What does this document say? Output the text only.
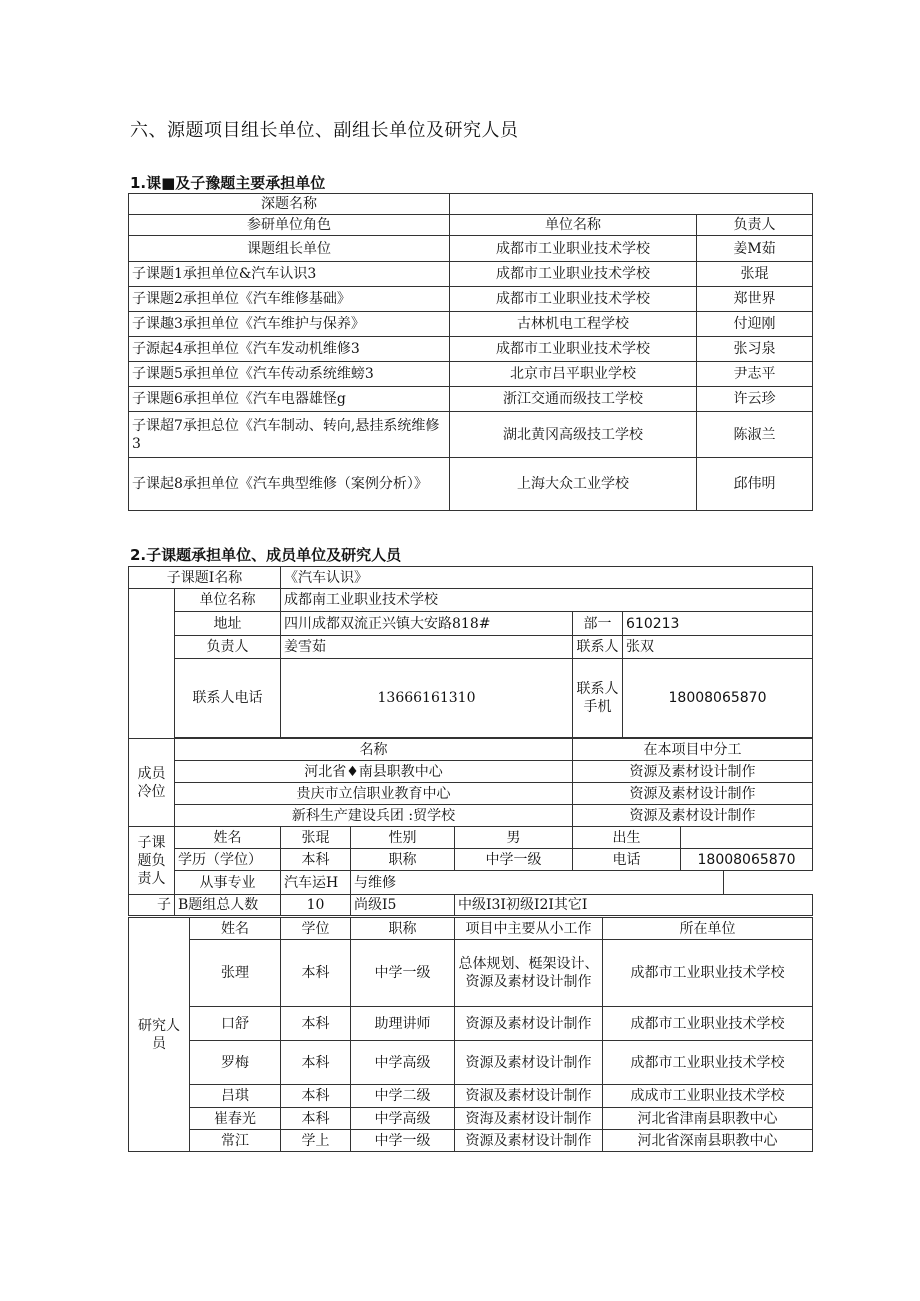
六、源题项目组长单位、副组长单位及研究人员
1.课■及子豫题主要承担单位
深题名称		
参研单位角色	单位名称	负责人
课题组长单位	成都市工业职业技术学校	姜M茹
子课题1承担单位&汽车认识3	成都市工业职业技术学校	张琨
子课题2承担单位《汽车维修基础》	成都市工业职业技术学校	郑世界
子课趣3承担单位《汽车维护与保养》	古林机电工程学校	付迎刚
子源起4承担单位《汽车发动机维修3	成都市工业职业技术学校	张习泉
子课题5承担单位《汽车传动系统维螃3	北京市吕平职业学校	尹志平
子课题6承担单位《汽车电器雄怪g	浙江交通而级技工学校	许云珍
子课超7承担总位《汽车制动、转向,悬挂系统维修3	湖北黄冈高级技工学校	陈淑兰
子课起8承担单位《汽车典型维修（案例分析）》	上海大众工业学校	邱伟明
2.子课题承担单位、成员单位及研究人员
子课题I名称		《汽车认识》					
	单位名称	成都南工业职业技术学校					
	地址	四川成都双流正兴镇大安路818#			部一	610213	
	负责人	姜雪茹			联系人	张双	
	联系人电话	13666161310			联系人手机	18008065870	

成员冷位	名称				在本项目中分工		
	河北省♦南县职教中心				资源及素材设计制作		
	贵庆市立信职业教育中心				资源及素材设计制作		
	新科生产建设兵团 :贸学校				资源及素材设计制作		
子课题负责人	姓名	张琨	性别	男	出生		
	学历（学位）	本科	职称	中学一级	电话		18008065870
	从事专业	汽车运H	与维修				
子	B题组总人数	10	尚级I5	中级I3I初级I2I其它I			
研究人员	姓名	学位	职称	项目中主要从小工作	所在单位
	张理	本科	中学一级	总体规划、梃架设计、资源及素材设计制作	成都市工业职业技术学校
	口舒	本科	助理讲师	资源及素材设计制作	成都市工业职业技术学校
	罗梅	本科	中学高级	资源及素材设计制作	成都市工业职业技术学校
	吕琪	本科	中学二级	资淑及素材设计制作	成成市工业职业技术学校
	崔春光	本科	中学高级	资海及素材设计制作	河北省津南县职教中心
	常江	学上	中学一级	资源及素材设计制作	河北省深南县职教中心
